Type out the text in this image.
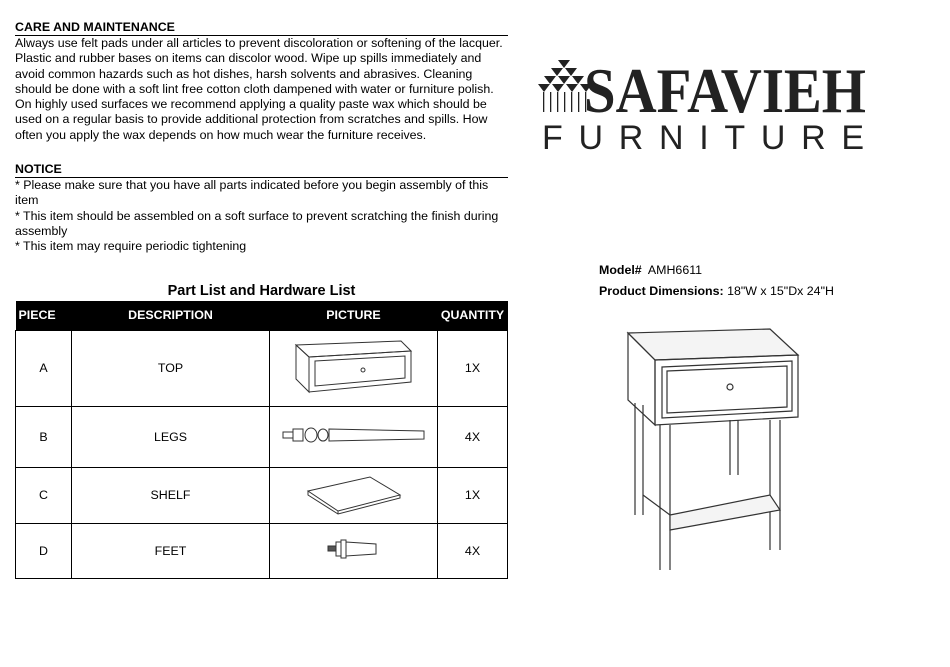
CARE AND MAINTENANCE
Always use felt pads under all articles to prevent discoloration or softening of the lacquer. Plastic and rubber bases on items can discolor wood. Wipe up spills immediately and avoid common hazards such as hot dishes, harsh solvents and abrasives. Cleaning should be done with a soft lint free cotton cloth dampened with water or furniture polish. On highly used surfaces we recommend applying a quality paste wax which should be used on a regular basis to provide additional protection from scratches and spills. How often you apply the wax depends on how much wear the furniture receives.
NOTICE
* Please make sure that you have all parts indicated before you begin assembly of this item
* This item should be assembled on a soft surface to prevent scratching the finish during assembly
* This item may require periodic tightening
SAFAVIEH
FURNITURE
Model# AMH6611
Product Dimensions: 18"W x 15"Dx 24"H
Part List and Hardware List
PIECE	DESCRIPTION	PICTURE	QUANTITY
A	TOP		1X
B	LEGS		4X
C	SHELF		1X
D	FEET		4X
